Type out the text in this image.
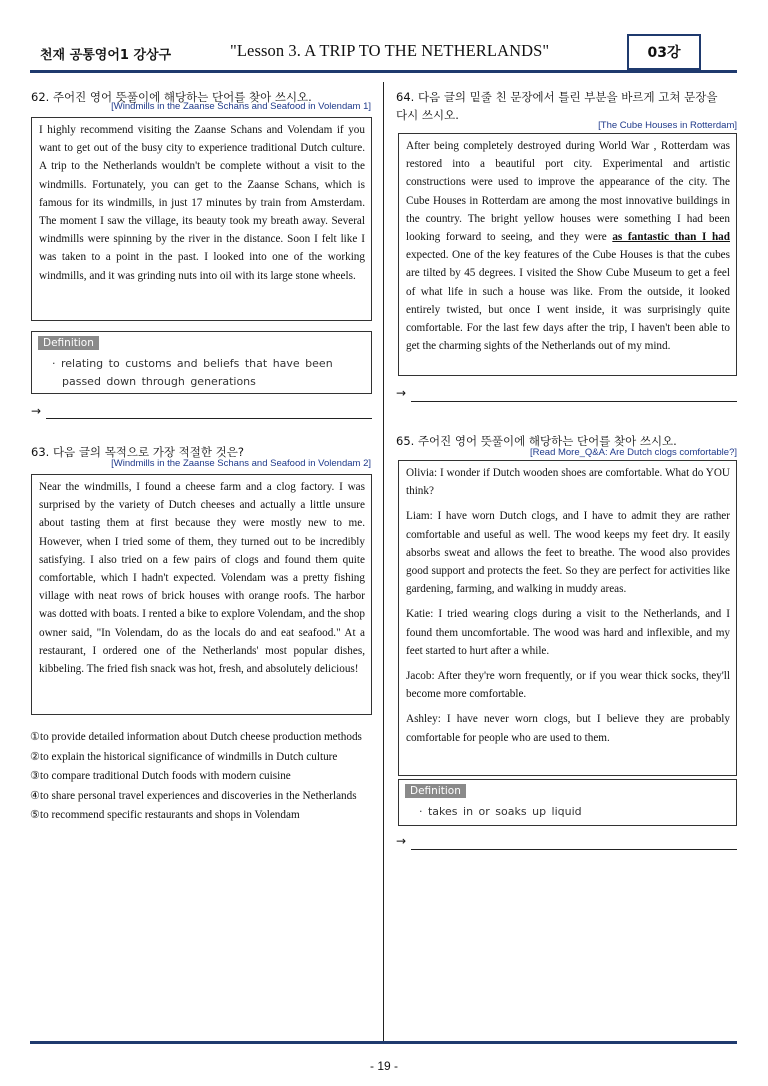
천재 공통영어1 강상구	"Lesson 3. A TRIP TO THE NETHERLANDS"	03강
62. 주어진 영어 뜻풀이에 해당하는 단어를 찾아 쓰시오.
[Windmills in the Zaanse Schans and Seafood in Volendam 1]

I highly recommend visiting the Zaanse Schans and Volendam if you want to get out of the busy city to experience traditional Dutch culture. A trip to the Netherlands wouldn't be complete without a visit to the windmills. Fortunately, you can get to the Zaanse Schans, which is famous for its windmills, in just 17 minutes by train from Amsterdam. The moment I saw the village, its beauty took my breath away. Several windmills were spinning by the river in the distance. Soon I felt like I was taken to a point in the past. I looked into one of the working windmills, and it was grinding nuts into oil with its large stone wheels.

Definition
· relating to customs and beliefs that have been passed down through generations
→
63. 다음 글의 목적으로 가장 적절한 것은?
[Windmills in the Zaanse Schans and Seafood in Volendam 2]

Near the windmills, I found a cheese farm and a clog factory. I was surprised by the variety of Dutch cheeses and actually a little unsure about tasting them at first because they were mostly new to me. However, when I tried some of them, they turned out to be incredibly satisfying. I also tried on a few pairs of clogs and found them quite comfortable, which I hadn't expected. Volendam was a pretty fishing village with neat rows of brick houses with orange roofs. The harbor was dotted with boats. I rented a bike to explore Volendam, and the shop owner said, "In Volendam, do as the locals do and eat seafood." At a restaurant, I ordered one of the Netherlands' most popular dishes, kibbeling. The fried fish snack was hot, fresh, and absolutely delicious!

①to provide detailed information about Dutch cheese production methods
②to explain the historical significance of windmills in Dutch culture
③to compare traditional Dutch foods with modern cuisine
④to share personal travel experiences and discoveries in the Netherlands
⑤to recommend specific restaurants and shops in Volendam
64. 다음 글의 밑줄 친 문장에서 틀린 부분을 바르게 고쳐 문장을
다시 쓰시오.
[The Cube Houses in Rotterdam]

After being completely destroyed during World War , Rotterdam was restored into a beautiful port city. Experimental and artistic constructions were used to improve the appearance of the city. The Cube Houses in Rotterdam are among the most innovative buildings in the country. The bright yellow houses were something I had been looking forward to seeing, and they were as fantastic than I had expected. One of the key features of the Cube Houses is that the cubes are tilted by 45 degrees. I visited the Show Cube Museum to get a feel of what life in such a house was like. From the outside, it looked entirely twisted, but once I went inside, it was surprisingly quite comfortable. For the last few days after the trip, I haven't been able to get the charming sights of the Netherlands out of my mind.

→
65. 주어진 영어 뜻풀이에 해당하는 단어를 찾아 쓰시오.
[Read More_Q&A: Are Dutch clogs comfortable?]

Olivia: I wonder if Dutch wooden shoes are comfortable. What do YOU think?

Liam: I have worn Dutch clogs, and I have to admit they are rather comfortable and useful as well. The wood keeps my feet dry. It easily absorbs sweat and allows the feet to breathe. The wood also provides good support and protects the feet. So they are perfect for activities like gardening, farming, and walking in muddy areas.

Katie: I tried wearing clogs during a visit to the Netherlands, and I found them uncomfortable. The wood was hard and inflexible, and my feet started to hurt after a while.

Jacob: After they're worn frequently, or if you wear thick socks, they'll become more comfortable.

Ashley: I have never worn clogs, but I believe they are probably comfortable for people who are used to them.

Definition
· takes in or soaks up liquid
→
- 19 -
